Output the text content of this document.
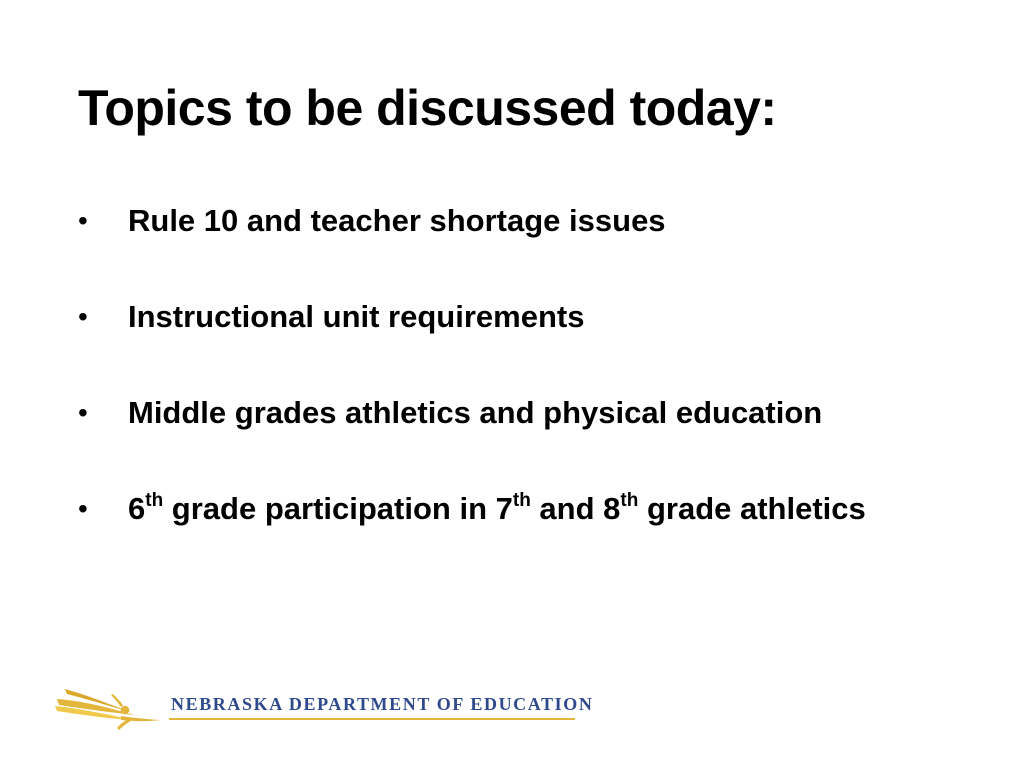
Topics to be discussed today:
• Rule 10 and teacher shortage issues
• Instructional unit requirements
• Middle grades athletics and physical education
• 6th grade participation in 7th and 8th grade athletics
NEBRASKA DEPARTMENT OF EDUCATION
